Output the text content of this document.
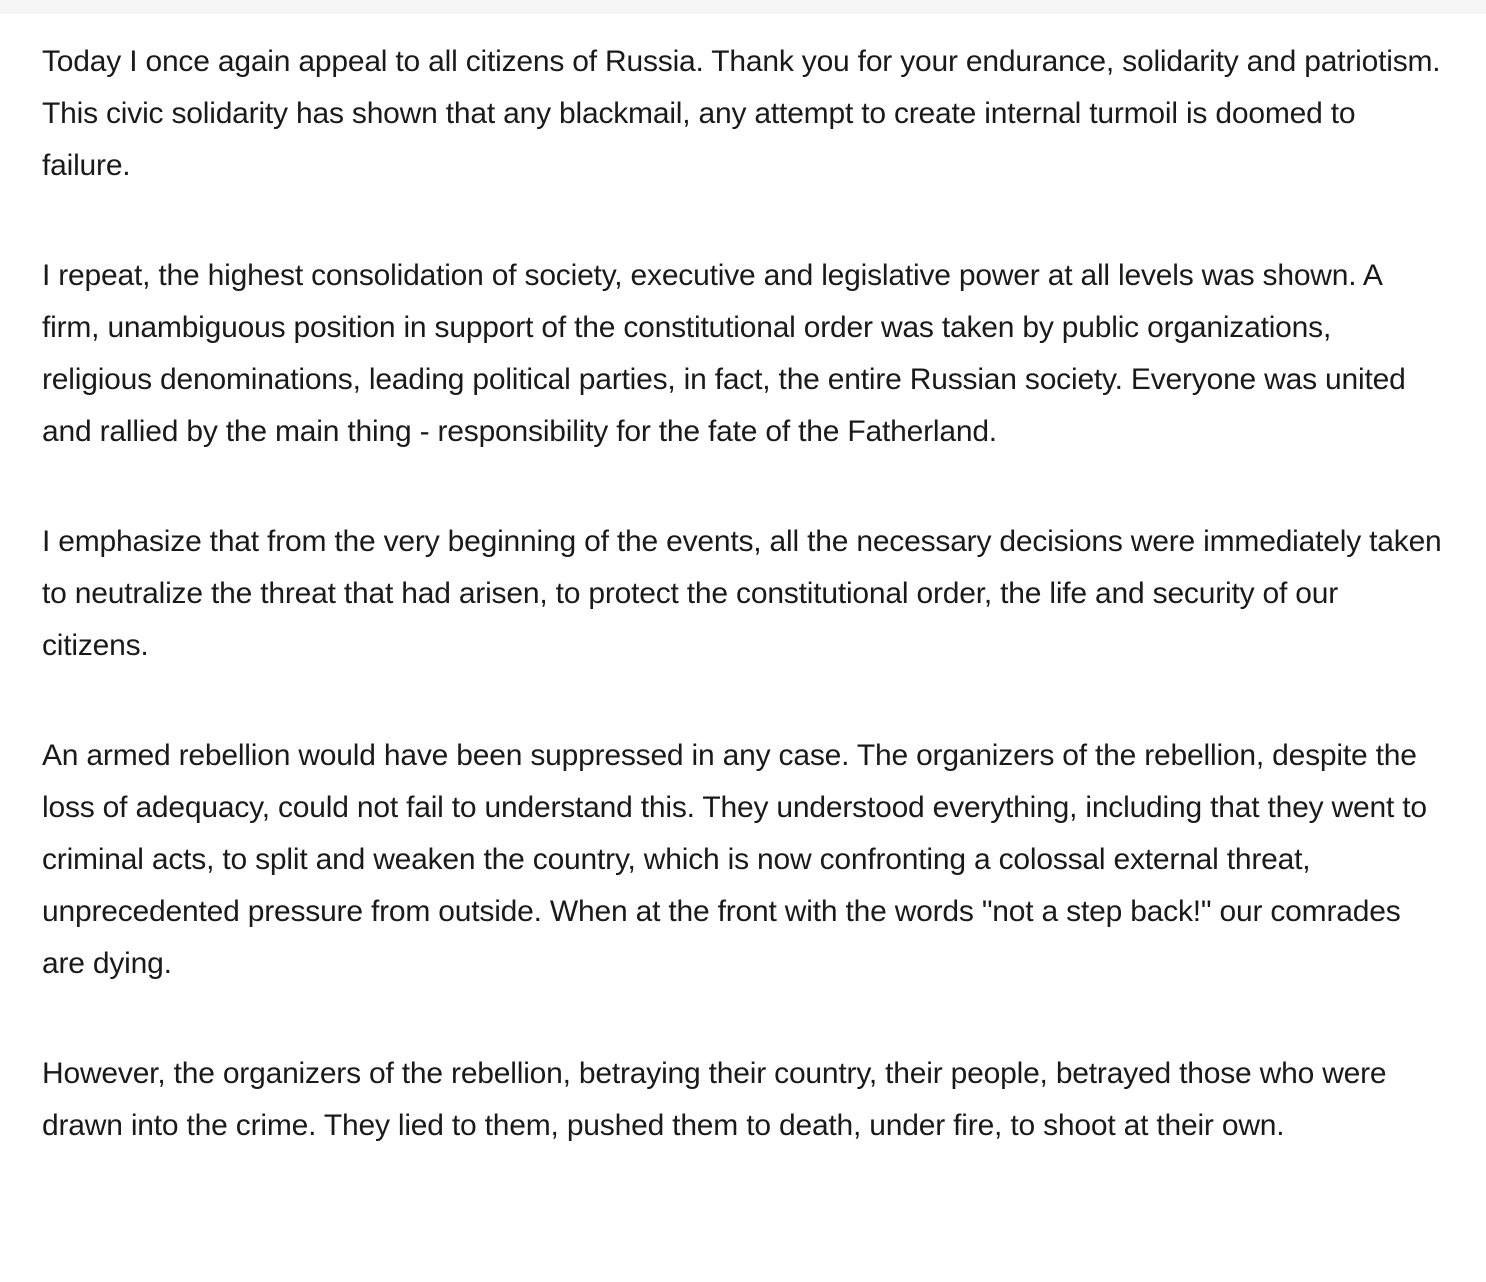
Today I once again appeal to all citizens of Russia. Thank you for your endurance, solidarity and patriotism. This civic solidarity has shown that any blackmail, any attempt to create internal turmoil is doomed to failure.

I repeat, the highest consolidation of society, executive and legislative power at all levels was shown. A firm, unambiguous position in support of the constitutional order was taken by public organizations, religious denominations, leading political parties, in fact, the entire Russian society. Everyone was united and rallied by the main thing - responsibility for the fate of the Fatherland.

I emphasize that from the very beginning of the events, all the necessary decisions were immediately taken to neutralize the threat that had arisen, to protect the constitutional order, the life and security of our citizens.

An armed rebellion would have been suppressed in any case. The organizers of the rebellion, despite the loss of adequacy, could not fail to understand this. They understood everything, including that they went to criminal acts, to split and weaken the country, which is now confronting a colossal external threat, unprecedented pressure from outside. When at the front with the words "not a step back!" our comrades are dying.

However, the organizers of the rebellion, betraying their country, their people, betrayed those who were drawn into the crime. They lied to them, pushed them to death, under fire, to shoot at their own.
